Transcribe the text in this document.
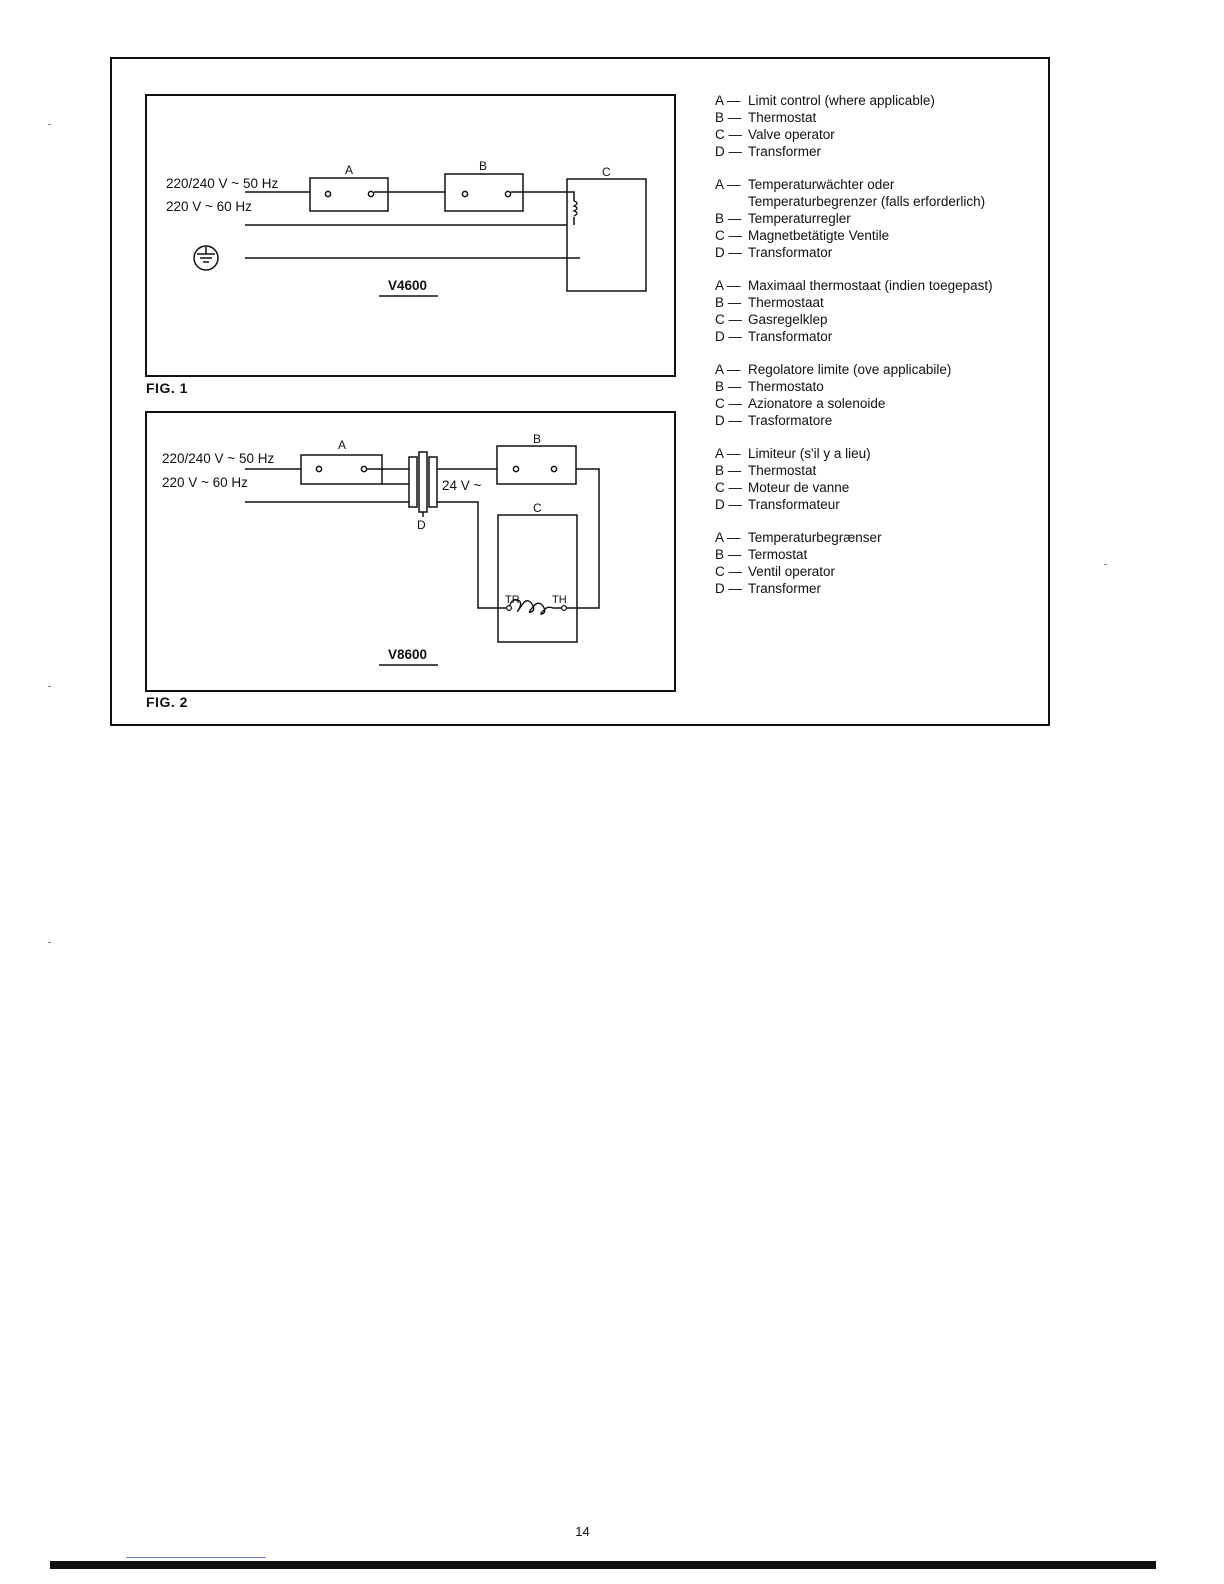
220/240 V ~ 50 Hz
220 V ~ 60 Hz
A	B	C
V4600
FIG. 1
220/240 V ~ 50 Hz
220 V ~ 60 Hz	24 V ~
A	B
C
D
TR	TH
V8600
FIG. 2
A — Limit control (where applicable)
B — Thermostat
C — Valve operator
D — Transformer
A — Temperaturwächter oder
Temperaturbegrenzer (falls erforderlich)
B — Temperaturregler
C — Magnetbetätigte Ventile
D — Transformator
A — Maximaal thermostaat (indien toegepast)
B — Thermostaat
C — Gasregelklep
D — Transformator
A — Regolatore limite (ove applicabile)
B — Thermostato
C — Azionatore a solenoide
D — Trasformatore
A — Limiteur (s'il y a lieu)
B — Thermostat
C — Moteur de vanne
D — Transformateur
A — Temperaturbegrænser
B — Termostat
C — Ventil operator
D — Transformer
14
